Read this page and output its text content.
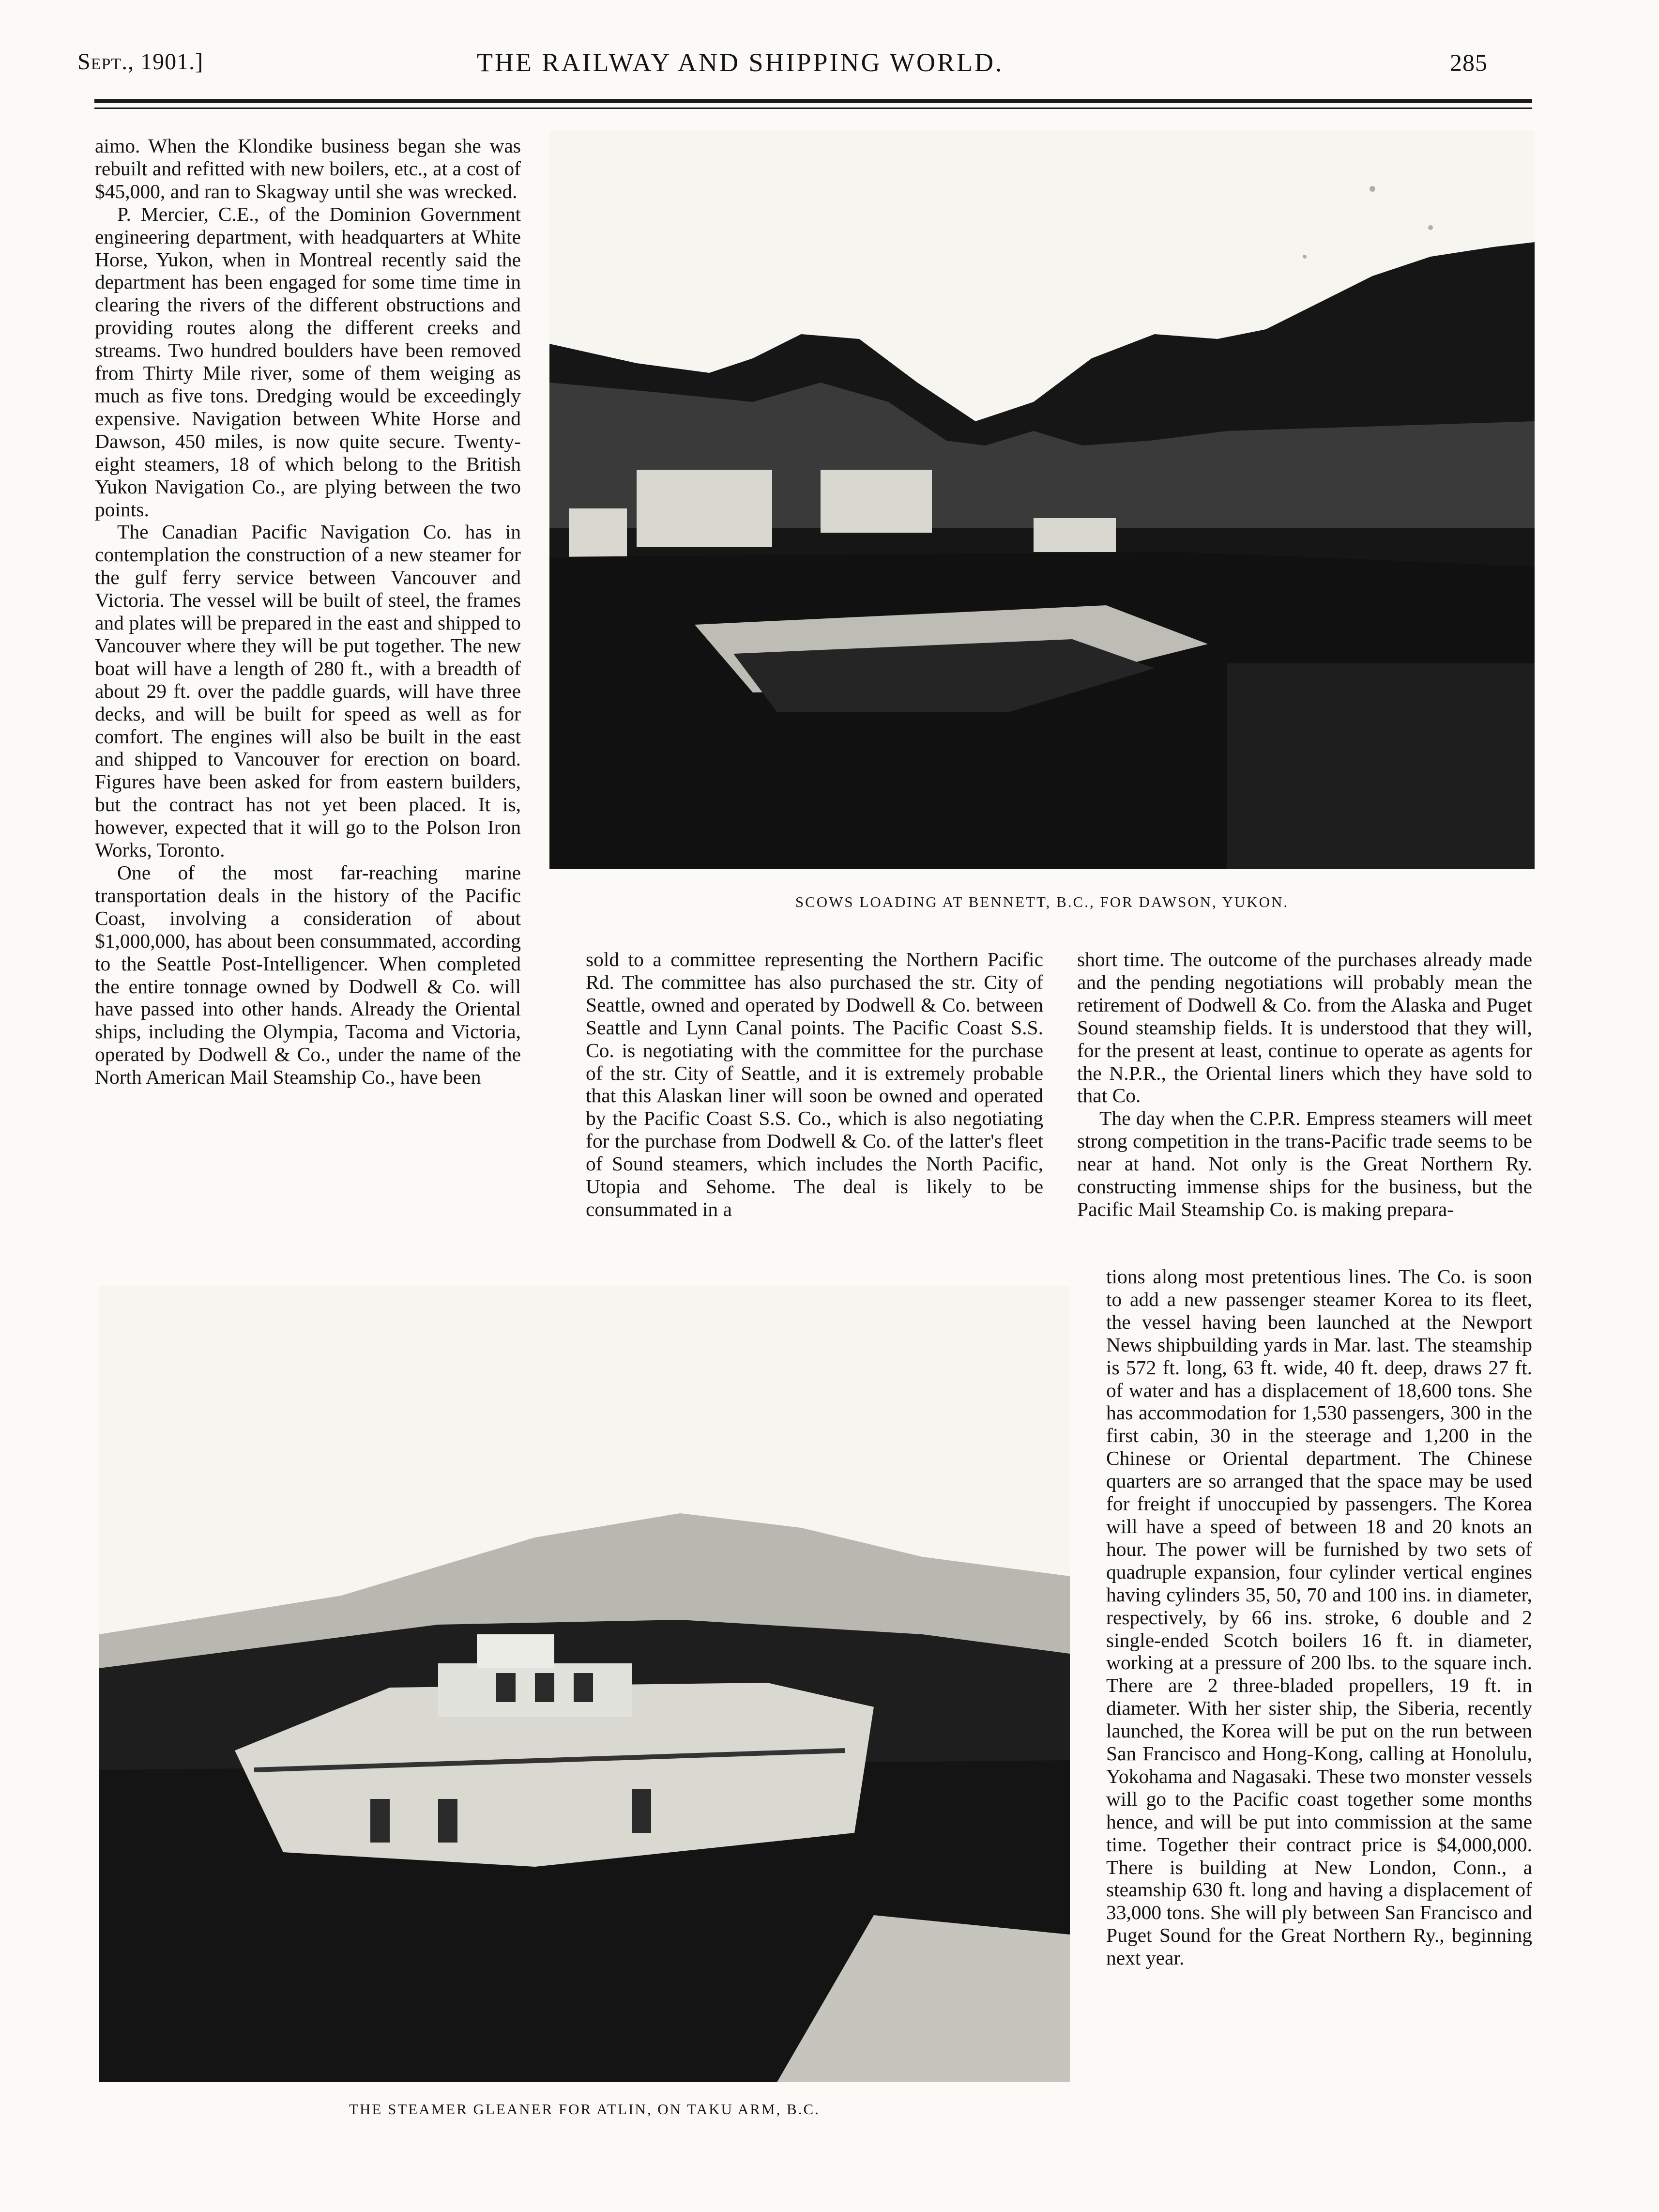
Sept., 1901.]	THE RAILWAY AND SHIPPING WORLD.	285

aimo. When the Klondike business began she was rebuilt and refitted with new boilers, etc., at a cost of $45,000, and ran to Skagway until she was wrecked.

P. Mercier, C.E., of the Dominion Government engineering department, with headquarters at White Horse, Yukon, when in Montreal recently said the department has been engaged for some time time in clearing the rivers of the different obstructions and providing routes along the different creeks and streams. Two hundred boulders have been removed from Thirty Mile river, some of them weiging as much as five tons. Dredging would be exceedingly expensive. Navigation between White Horse and Dawson, 450 miles, is now quite secure. Twenty-eight steamers, 18 of which belong to the British Yukon Navigation Co., are plying between the two points.

The Canadian Pacific Navigation Co. has in contemplation the construction of a new steamer for the gulf ferry service between Vancouver and Victoria. The vessel will be built of steel, the frames and plates will be prepared in the east and shipped to Vancouver where they will be put together. The new boat will have a length of 280 ft., with a breadth of about 29 ft. over the paddle guards, will have three decks, and will be built for speed as well as for comfort. The engines will also be built in the east and shipped to Vancouver for erection on board. Figures have been asked for from eastern builders, but the contract has not yet been placed. It is, however, expected that it will go to the Polson Iron Works, Toronto.

One of the most far-reaching marine transportation deals in the history of the Pacific Coast, involving a consideration of about $1,000,000, has about been consummated, according to the Seattle Post-Intelligencer. When completed the entire tonnage owned by Dodwell & Co. will have passed into other hands. Already the Oriental ships, including the Olympia, Tacoma and Victoria, operated by Dodwell & Co., under the name of the North American Mail Steamship Co., have been

SCOWS LOADING AT BENNETT, B.C., FOR DAWSON, YUKON.

sold to a committee representing the Northern Pacific Rd. The committee has also purchased the str. City of Seattle, owned and operated by Dodwell & Co. between Seattle and Lynn Canal points. The Pacific Coast S.S. Co. is negotiating with the committee for the purchase of the str. City of Seattle, and it is extremely probable that this Alaskan liner will soon be owned and operated by the Pacific Coast S.S. Co., which is also negotiating for the purchase from Dodwell & Co. of the latter's fleet of Sound steamers, which includes the North Pacific, Utopia and Sehome. The deal is likely to be consummated in a

short time. The outcome of the purchases already made and the pending negotiations will probably mean the retirement of Dodwell & Co. from the Alaska and Puget Sound steamship fields. It is understood that they will, for the present at least, continue to operate as agents for the N.P.R., the Oriental liners which they have sold to that Co.

The day when the C.P.R. Empress steamers will meet strong competition in the trans-Pacific trade seems to be near at hand. Not only is the Great Northern Ry. constructing immense ships for the business, but the Pacific Mail Steamship Co. is making prepara-

tions along most pretentious lines. The Co. is soon to add a new passenger steamer Korea to its fleet, the vessel having been launched at the Newport News shipbuilding yards in Mar. last. The steamship is 572 ft. long, 63 ft. wide, 40 ft. deep, draws 27 ft. of water and has a displacement of 18,600 tons. She has accommodation for 1,530 passengers, 300 in the first cabin, 30 in the steerage and 1,200 in the Chinese or Oriental department. The Chinese quarters are so arranged that the space may be used for freight if unoccupied by passengers. The Korea will have a speed of between 18 and 20 knots an hour. The power will be furnished by two sets of quadruple expansion, four cylinder vertical engines having cylinders 35, 50, 70 and 100 ins. in diameter, respectively, by 66 ins. stroke, 6 double and 2 single-ended Scotch boilers 16 ft. in diameter, working at a pressure of 200 lbs. to the square inch. There are 2 three-bladed propellers, 19 ft. in diameter. With her sister ship, the Siberia, recently launched, the Korea will be put on the run between San Francisco and Hong-Kong, calling at Honolulu, Yokohama and Nagasaki. These two monster vessels will go to the Pacific coast together some months hence, and will be put into commission at the same time. Together their contract price is $4,000,000. There is building at New London, Conn., a steamship 630 ft. long and having a displacement of 33,000 tons. She will ply between San Francisco and Puget Sound for the Great Northern Ry., beginning next year.

THE STEAMER GLEANER FOR ATLIN, ON TAKU ARM, B.C.
